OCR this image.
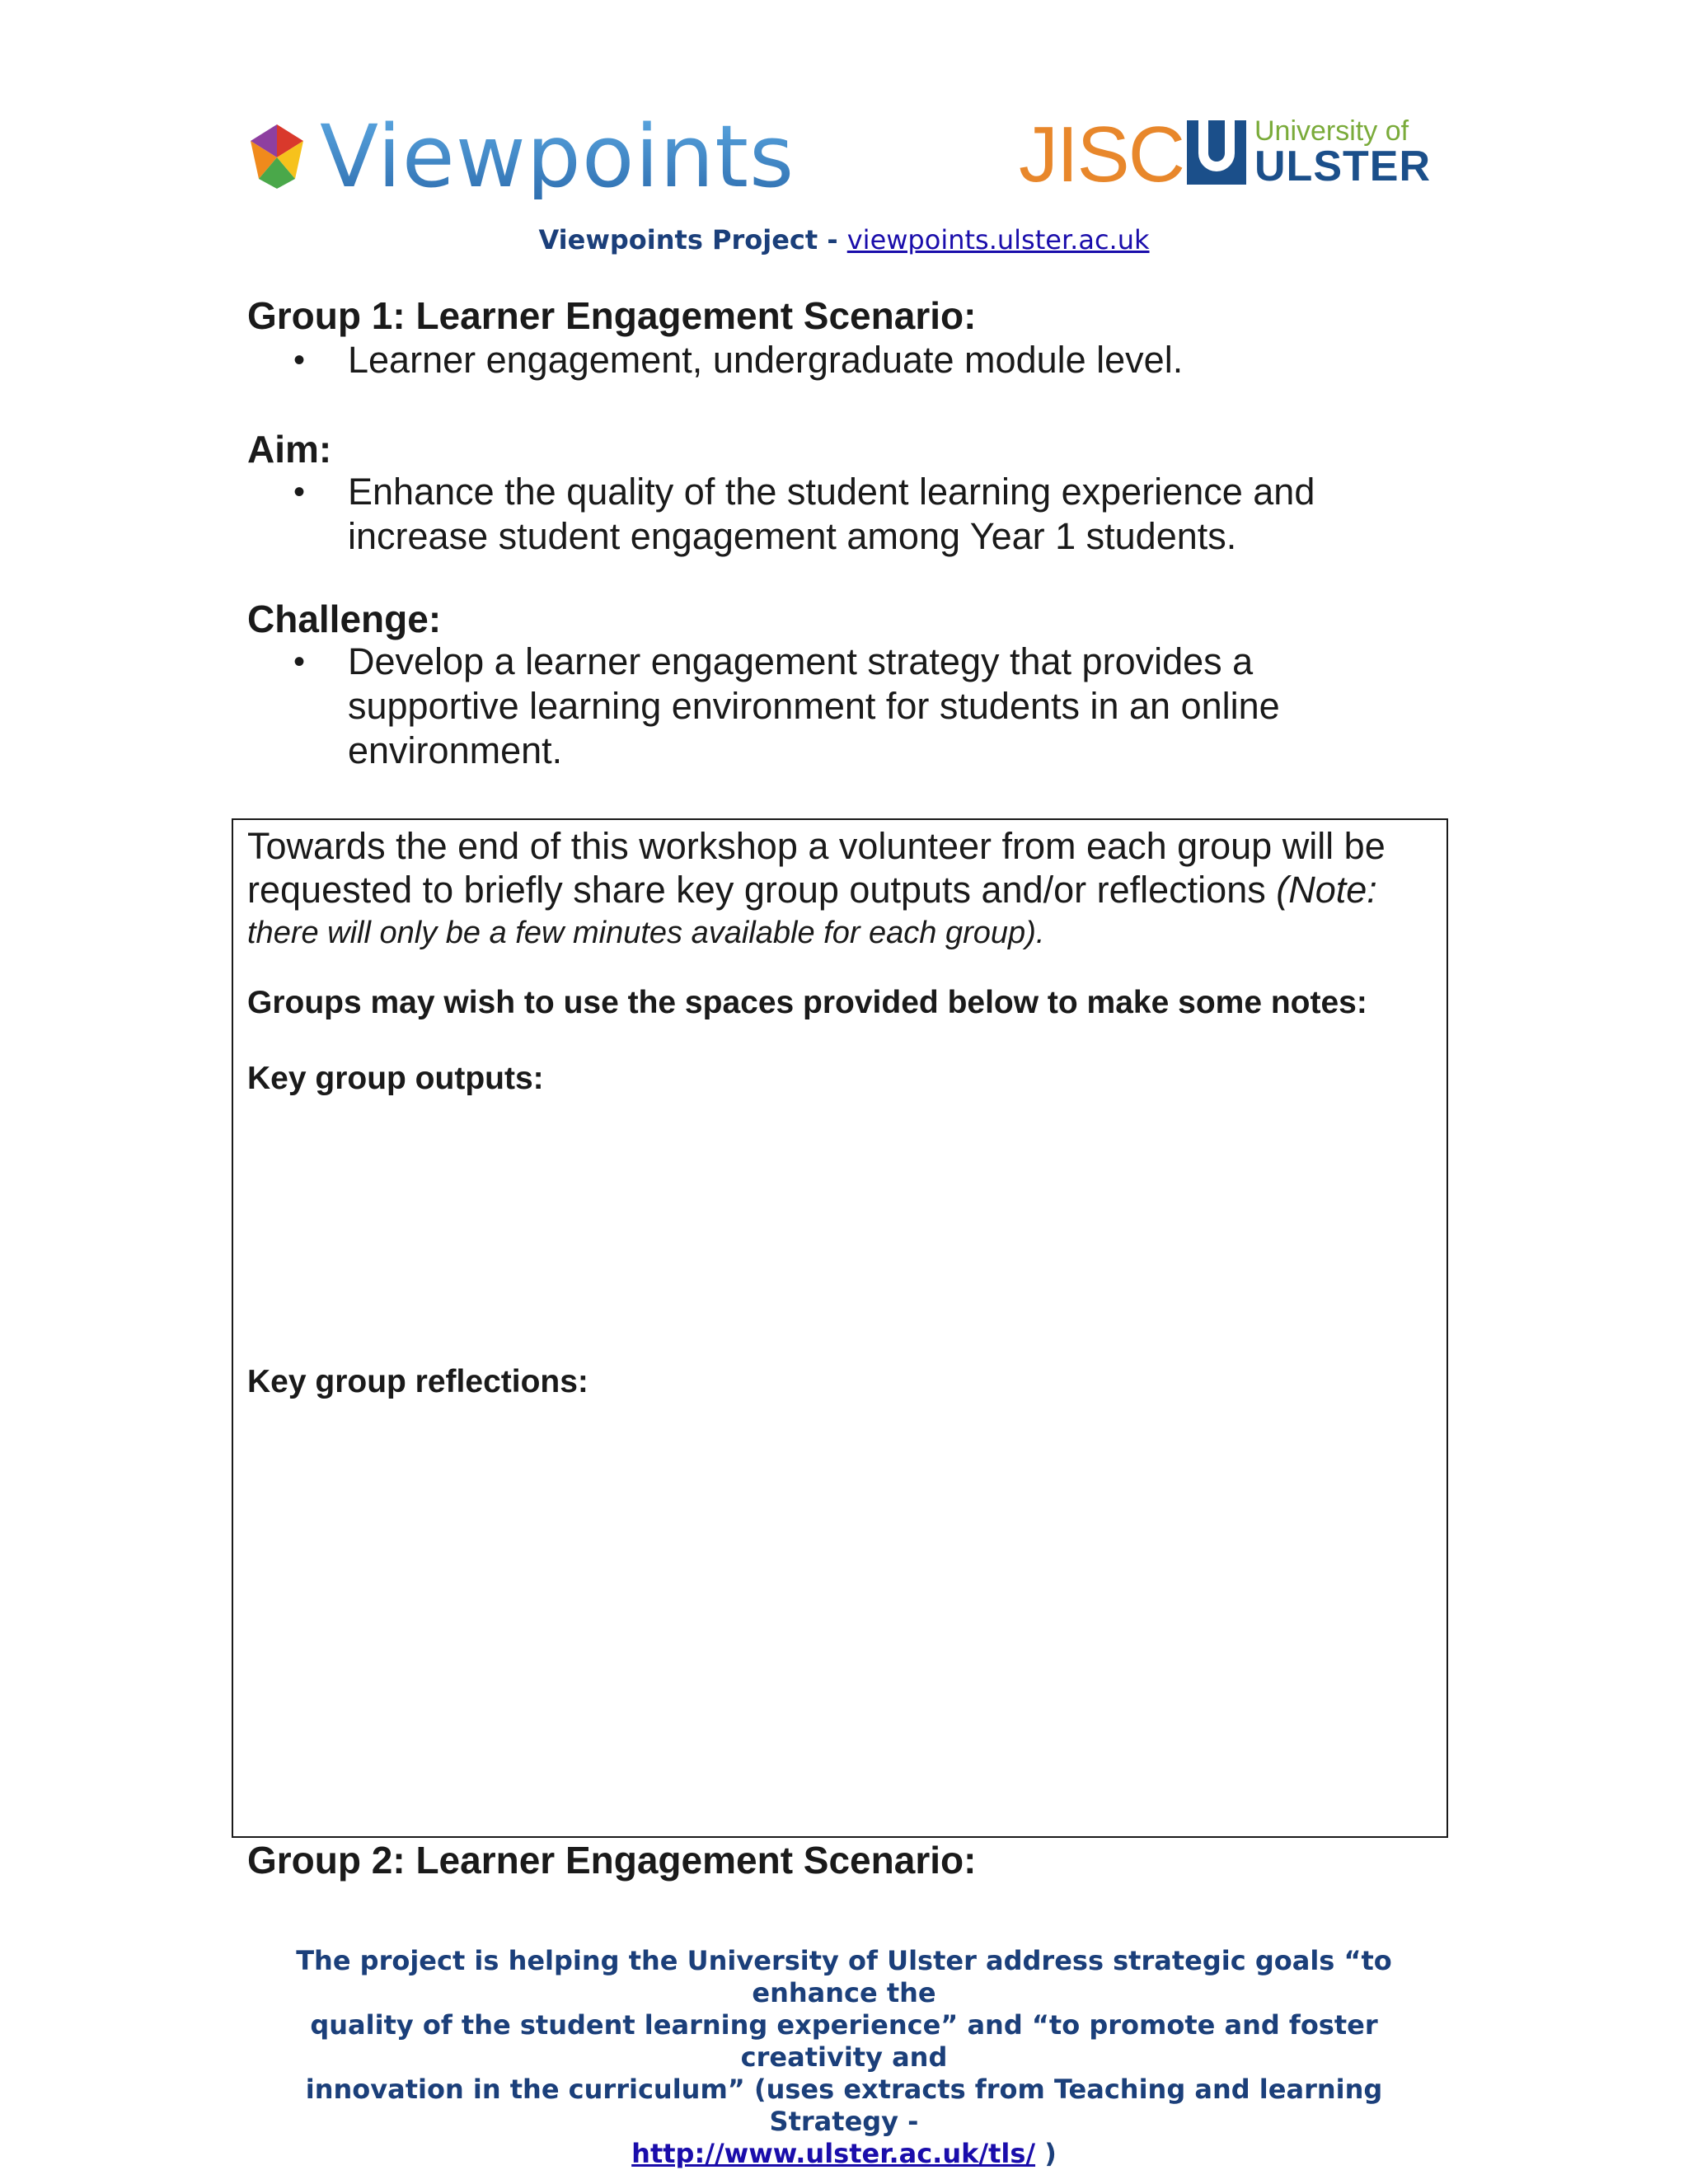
Viewpoints	JISC	University of
ULSTER
Viewpoints Project - viewpoints.ulster.ac.uk
Group 1: Learner Engagement Scenario:
• Learner engagement, undergraduate module level.
Aim:
• Enhance the quality of the student learning experience and
increase student engagement among Year 1 students.
Challenge:
• Develop a learner engagement strategy that provides a
supportive learning environment for students in an online
environment.
Towards the end of this workshop a volunteer from each group will be
requested to briefly share key group outputs and/or reflections (Note:
there will only be a few minutes available for each group).
Groups may wish to use the spaces provided below to make some notes:
Key group outputs:
Key group reflections:
Group 2: Learner Engagement Scenario:
The project is helping the University of Ulster address strategic goals “to enhance the
quality of the student learning experience” and “to promote and foster creativity and
innovation in the curriculum” (uses extracts from Teaching and learning Strategy -
http://www.ulster.ac.uk/tls/ )
